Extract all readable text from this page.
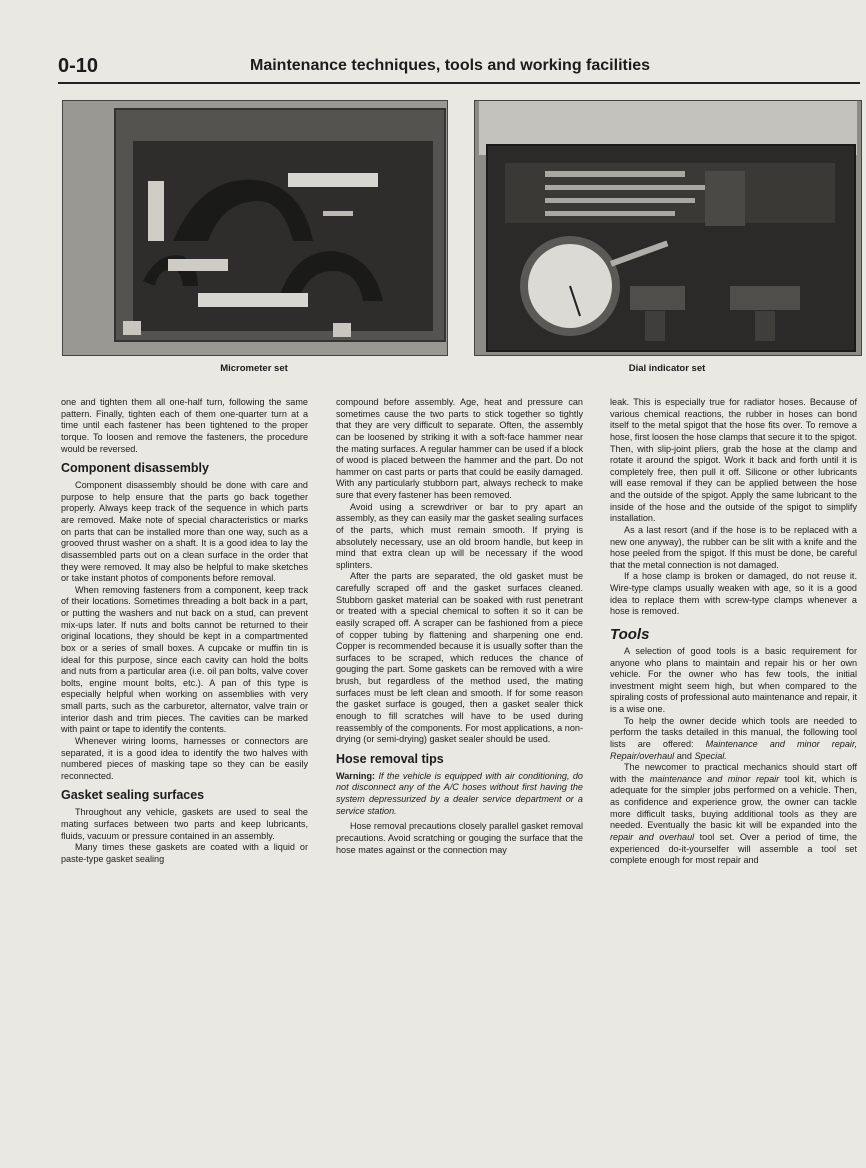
0-10	Maintenance techniques, tools and working facilities

Micrometer set	Dial indicator set

one and tighten them all one-half turn, following the same pattern. Finally, tighten each of them one-quarter turn at a time until each fastener has been tightened to the proper torque. To loosen and remove the fasteners, the procedure would be reversed.

Component disassembly

Component disassembly should be done with care and purpose to help ensure that the parts go back together properly. Always keep track of the sequence in which parts are removed. Make note of special characteristics or marks on parts that can be installed more than one way, such as a grooved thrust washer on a shaft. It is a good idea to lay the disassembled parts out on a clean surface in the order that they were removed. It may also be helpful to make sketches or take instant photos of components before removal.

When removing fasteners from a component, keep track of their locations. Sometimes threading a bolt back in a part, or putting the washers and nut back on a stud, can prevent mix-ups later. If nuts and bolts cannot be returned to their original locations, they should be kept in a compartmented box or a series of small boxes. A cupcake or muffin tin is ideal for this purpose, since each cavity can hold the bolts and nuts from a particular area (i.e. oil pan bolts, valve cover bolts, engine mount bolts, etc.). A pan of this type is especially helpful when working on assemblies with very small parts, such as the carburetor, alternator, valve train or interior dash and trim pieces. The cavities can be marked with paint or tape to identify the contents.

Whenever wiring looms, harnesses or connectors are separated, it is a good idea to identify the two halves with numbered pieces of masking tape so they can be easily reconnected.

Gasket sealing surfaces

Throughout any vehicle, gaskets are used to seal the mating surfaces between two parts and keep lubricants, fluids, vacuum or pressure contained in an assembly.

Many times these gaskets are coated with a liquid or paste-type gasket sealing

compound before assembly. Age, heat and pressure can sometimes cause the two parts to stick together so tightly that they are very difficult to separate. Often, the assembly can be loosened by striking it with a soft-face hammer near the mating surfaces. A regular hammer can be used if a block of wood is placed between the hammer and the part. Do not hammer on cast parts or parts that could be easily damaged. With any particularly stubborn part, always recheck to make sure that every fastener has been removed.

Avoid using a screwdriver or bar to pry apart an assembly, as they can easily mar the gasket sealing surfaces of the parts, which must remain smooth. If prying is absolutely necessary, use an old broom handle, but keep in mind that extra clean up will be necessary if the wood splinters.

After the parts are separated, the old gasket must be carefully scraped off and the gasket surfaces cleaned. Stubborn gasket material can be soaked with rust penetrant or treated with a special chemical to soften it so it can be easily scraped off. A scraper can be fashioned from a piece of copper tubing by flattening and sharpening one end. Copper is recommended because it is usually softer than the surfaces to be scraped, which reduces the chance of gouging the part. Some gaskets can be removed with a wire brush, but regardless of the method used, the mating surfaces must be left clean and smooth. If for some reason the gasket surface is gouged, then a gasket sealer thick enough to fill scratches will have to be used during reassembly of the components. For most applications, a non-drying (or semi-drying) gasket sealer should be used.

Hose removal tips

Warning: If the vehicle is equipped with air conditioning, do not disconnect any of the A/C hoses without first having the system depressurized by a dealer service department or a service station.

Hose removal precautions closely parallel gasket removal precautions. Avoid scratching or gouging the surface that the hose mates against or the connection may

leak. This is especially true for radiator hoses. Because of various chemical reactions, the rubber in hoses can bond itself to the metal spigot that the hose fits over. To remove a hose, first loosen the hose clamps that secure it to the spigot. Then, with slip-joint pliers, grab the hose at the clamp and rotate it around the spigot. Work it back and forth until it is completely free, then pull it off. Silicone or other lubricants will ease removal if they can be applied between the hose and the outside of the spigot. Apply the same lubricant to the inside of the hose and the outside of the spigot to simplify installation.

As a last resort (and if the hose is to be replaced with a new one anyway), the rubber can be slit with a knife and the hose peeled from the spigot. If this must be done, be careful that the metal connection is not damaged.

If a hose clamp is broken or damaged, do not reuse it. Wire-type clamps usually weaken with age, so it is a good idea to replace them with screw-type clamps whenever a hose is removed.

Tools

A selection of good tools is a basic requirement for anyone who plans to maintain and repair his or her own vehicle. For the owner who has few tools, the initial investment might seem high, but when compared to the spiraling costs of professional auto maintenance and repair, it is a wise one.

To help the owner decide which tools are needed to perform the tasks detailed in this manual, the following tool lists are offered: Maintenance and minor repair, Repair/overhaul and Special.

The newcomer to practical mechanics should start off with the maintenance and minor repair tool kit, which is adequate for the simpler jobs performed on a vehicle. Then, as confidence and experience grow, the owner can tackle more difficult tasks, buying additional tools as they are needed. Eventually the basic kit will be expanded into the repair and overhaul tool set. Over a period of time, the experienced do-it-yourselfer will assemble a tool set complete enough for most repair and
